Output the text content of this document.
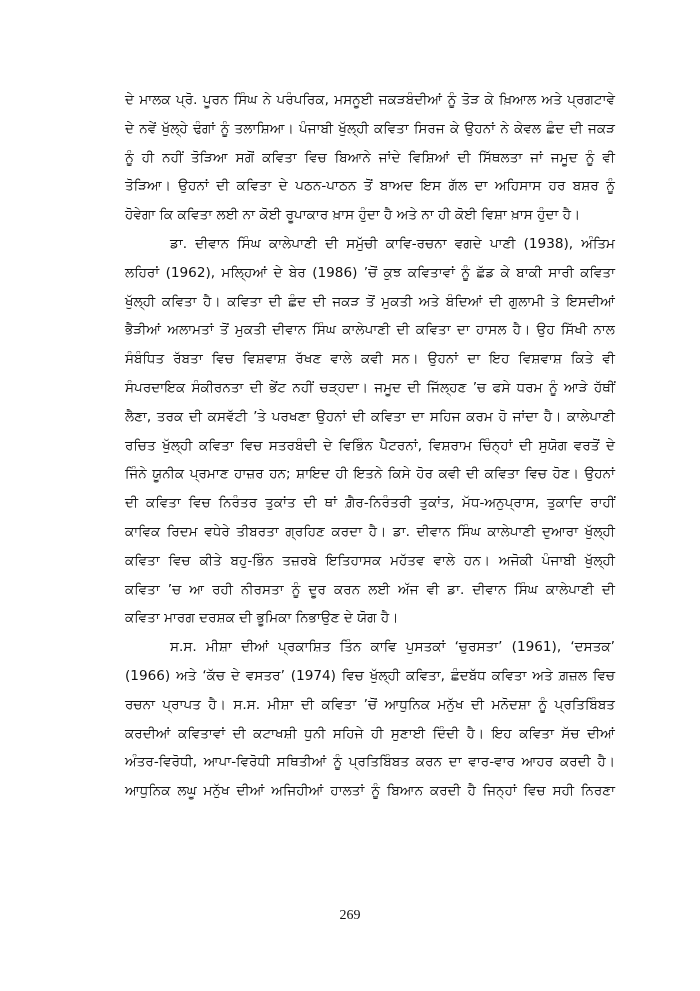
ਦੇ ਮਾਲਕ ਪ੍ਰੋ. ਪੂਰਨ ਸਿੰਘ ਨੇ ਪਰੰਪਰਿਕ, ਮਸਨੂਈ ਜਕੜਬੰਦੀਆਂ ਨੂੰ ਤੋੜ ਕੇ ਖ਼ਿਆਲ ਅਤੇ ਪ੍ਰਗਟਾਵੇ
ਦੇ ਨਵੇਂ ਖੁੱਲ੍ਹੇ ਢੰਗਾਂ ਨੂੰ ਤਲਾਸ਼ਿਆ। ਪੰਜਾਬੀ ਖੁੱਲ੍ਹੀ ਕਵਿਤਾ ਸਿਰਜ ਕੇ ਉਹਨਾਂ ਨੇ ਕੇਵਲ ਛੰਦ ਦੀ ਜਕੜ
ਨੂੰ ਹੀ ਨਹੀਂ ਤੋੜਿਆ ਸਗੋਂ ਕਵਿਤਾ ਵਿਚ ਬਿਆਨੇ ਜਾਂਦੇ ਵਿਸ਼ਿਆਂ ਦੀ ਸਿੱਥਲਤਾ ਜਾਂ ਜਮੂਦ ਨੂੰ ਵੀ
ਤੋੜਿਆ। ਉਹਨਾਂ ਦੀ ਕਵਿਤਾ ਦੇ ਪਠਨ-ਪਾਠਨ ਤੋਂ ਬਾਅਦ ਇਸ ਗੱਲ ਦਾ ਅਹਿਸਾਸ ਹਰ ਬਸ਼ਰ ਨੂੰ
ਹੋਵੇਗਾ ਕਿ ਕਵਿਤਾ ਲਈ ਨਾ ਕੋਈ ਰੂਪਾਕਾਰ ਖ਼ਾਸ ਹੁੰਦਾ ਹੈ ਅਤੇ ਨਾ ਹੀ ਕੋਈ ਵਿਸ਼ਾ ਖ਼ਾਸ ਹੁੰਦਾ ਹੈ।
ਡਾ. ਦੀਵਾਨ ਸਿੰਘ ਕਾਲੇਪਾਣੀ ਦੀ ਸਮੁੱਚੀ ਕਾਵਿ-ਰਚਨਾ ਵਗਦੇ ਪਾਣੀ (1938), ਅੰਤਿਮ
ਲਹਿਰਾਂ (1962), ਮਲ੍ਹਿਆਂ ਦੇ ਬੇਰ (1986) ’ਚੋਂ ਕੁਝ ਕਵਿਤਾਵਾਂ ਨੂੰ ਛੱਡ ਕੇ ਬਾਕੀ ਸਾਰੀ ਕਵਿਤਾ
ਖੁੱਲ੍ਹੀ ਕਵਿਤਾ ਹੈ। ਕਵਿਤਾ ਦੀ ਛੰਦ ਦੀ ਜਕੜ ਤੋਂ ਮੁਕਤੀ ਅਤੇ ਬੰਦਿਆਂ ਦੀ ਗੁਲਾਮੀ ਤੇ ਇਸਦੀਆਂ
ਭੈੜੀਆਂ ਅਲਾਮਤਾਂ ਤੋਂ ਮੁਕਤੀ ਦੀਵਾਨ ਸਿੰਘ ਕਾਲੇਪਾਣੀ ਦੀ ਕਵਿਤਾ ਦਾ ਹਾਸਲ ਹੈ। ਉਹ ਸਿੱਖੀ ਨਾਲ
ਸੰਬੰਧਿਤ ਰੱਬਤਾ ਵਿਚ ਵਿਸ਼ਵਾਸ਼ ਰੱਖਣ ਵਾਲੇ ਕਵੀ ਸਨ। ਉਹਨਾਂ ਦਾ ਇਹ ਵਿਸ਼ਵਾਸ਼ ਕਿਤੇ ਵੀ
ਸੰਪਰਦਾਇਕ ਸੰਕੀਰਨਤਾ ਦੀ ਭੇਂਟ ਨਹੀਂ ਚੜ੍ਹਦਾ। ਜਮੂਦ ਦੀ ਜਿੱਲ੍ਹਣ ’ਚ ਫਸੇ ਧਰਮ ਨੂੰ ਆੜੇ ਹੱਥੀਂ
ਲੈਣਾ, ਤਰਕ ਦੀ ਕਸਵੱਟੀ ’ਤੇ ਪਰਖਣਾ ਉਹਨਾਂ ਦੀ ਕਵਿਤਾ ਦਾ ਸਹਿਜ ਕਰਮ ਹੋ ਜਾਂਦਾ ਹੈ। ਕਾਲੇਪਾਣੀ
ਰਚਿਤ ਖੁੱਲ੍ਹੀ ਕਵਿਤਾ ਵਿਚ ਸਤਰਬੰਦੀ ਦੇ ਵਿਭਿੰਨ ਪੈਟਰਨਾਂ, ਵਿਸ਼ਰਾਮ ਚਿੰਨ੍ਹਾਂ ਦੀ ਸੁਯੋਗ ਵਰਤੋਂ ਦੇ
ਜਿੰਨੇ ਯੂਨੀਕ ਪ੍ਰਮਾਣ ਹਾਜ਼ਰ ਹਨ; ਸ਼ਾਇਦ ਹੀ ਇਤਨੇ ਕਿਸੇ ਹੋਰ ਕਵੀ ਦੀ ਕਵਿਤਾ ਵਿਚ ਹੋਣ। ਉਹਨਾਂ
ਦੀ ਕਵਿਤਾ ਵਿਚ ਨਿਰੰਤਰ ਤੁਕਾਂਤ ਦੀ ਥਾਂ ਗ਼ੈਰ-ਨਿਰੰਤਰੀ ਤੁਕਾਂਤ, ਮੱਧ-ਅਨੁਪ੍ਰਾਸ, ਤੁਕਾਦਿ ਰਾਹੀਂ
ਕਾਵਿਕ ਰਿਦਮ ਵਧੇਰੇ ਤੀਬਰਤਾ ਗ੍ਰਹਿਣ ਕਰਦਾ ਹੈ। ਡਾ. ਦੀਵਾਨ ਸਿੰਘ ਕਾਲੇਪਾਣੀ ਦੁਆਰਾ ਖੁੱਲ੍ਹੀ
ਕਵਿਤਾ ਵਿਚ ਕੀਤੇ ਬਹੁ-ਭਿੰਨ ਤਜ਼ਰਬੇ ਇਤਿਹਾਸਕ ਮਹੱਤਵ ਵਾਲੇ ਹਨ। ਅਜੋਕੀ ਪੰਜਾਬੀ ਖੁੱਲ੍ਹੀ
ਕਵਿਤਾ ’ਚ ਆ ਰਹੀ ਨੀਰਸਤਾ ਨੂੰ ਦੂਰ ਕਰਨ ਲਈ ਅੱਜ ਵੀ ਡਾ. ਦੀਵਾਨ ਸਿੰਘ ਕਾਲੇਪਾਣੀ ਦੀ
ਕਵਿਤਾ ਮਾਰਗ ਦਰਸ਼ਕ ਦੀ ਭੂਮਿਕਾ ਨਿਭਾਉਣ ਦੇ ਯੋਗ ਹੈ।
ਸ.ਸ. ਮੀਸ਼ਾ ਦੀਆਂ ਪ੍ਰਕਾਸ਼ਿਤ ਤਿੰਨ ਕਾਵਿ ਪੁਸਤਕਾਂ ‘ਚੁਰਸਤਾ’ (1961), ‘ਦਸਤਕ’
(1966) ਅਤੇ ‘ਕੱਚ ਦੇ ਵਸਤਰ’ (1974) ਵਿਚ ਖੁੱਲ੍ਹੀ ਕਵਿਤਾ, ਛੰਦਬੱਧ ਕਵਿਤਾ ਅਤੇ ਗ਼ਜ਼ਲ ਵਿਚ
ਰਚਨਾ ਪ੍ਰਾਪਤ ਹੈ। ਸ.ਸ. ਮੀਸ਼ਾ ਦੀ ਕਵਿਤਾ ’ਚੋਂ ਆਧੁਨਿਕ ਮਨੁੱਖ ਦੀ ਮਨੋਦਸ਼ਾ ਨੂੰ ਪ੍ਰਤਿਬਿੰਬਤ
ਕਰਦੀਆਂ ਕਵਿਤਾਵਾਂ ਦੀ ਕਟਾਖਸ਼ੀ ਧੁਨੀ ਸਹਿਜੇ ਹੀ ਸੁਣਾਈ ਦਿੰਦੀ ਹੈ। ਇਹ ਕਵਿਤਾ ਸੱਚ ਦੀਆਂ
ਅੰਤਰ-ਵਿਰੋਧੀ, ਆਪਾ-ਵਿਰੋਧੀ ਸਥਿਤੀਆਂ ਨੂੰ ਪ੍ਰਤਿਬਿੰਬਤ ਕਰਨ ਦਾ ਵਾਰ-ਵਾਰ ਆਹਰ ਕਰਦੀ ਹੈ।
ਆਧੁਨਿਕ ਲਘੂ ਮਨੁੱਖ ਦੀਆਂ ਅਜਿਹੀਆਂ ਹਾਲਤਾਂ ਨੂੰ ਬਿਆਨ ਕਰਦੀ ਹੈ ਜਿਨ੍ਹਾਂ ਵਿਚ ਸਹੀ ਨਿਰਣਾ
269
